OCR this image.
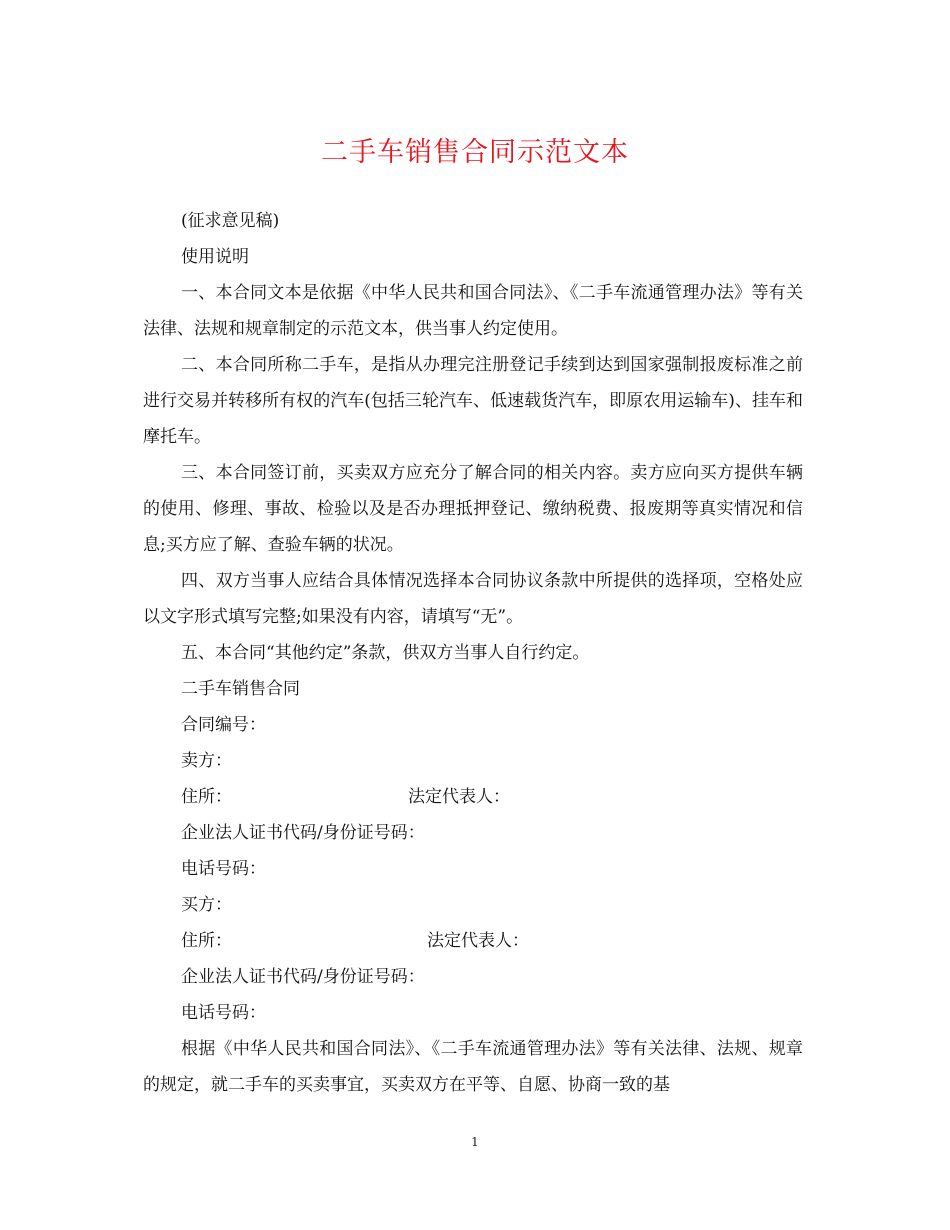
二手车销售合同示范文本

(征求意见稿)

使用说明

一、本合同文本是依据《中华人民共和国合同法》、《二手车流通管理办法》等有关法律、法规和规章制定的示范文本，供当事人约定使用。

二、本合同所称二手车，是指从办理完注册登记手续到达到国家强制报废标准之前进行交易并转移所有权的汽车(包括三轮汽车、低速载货汽车，即原农用运输车)、挂车和摩托车。

三、本合同签订前，买卖双方应充分了解合同的相关内容。卖方应向买方提供车辆的使用、修理、事故、检验以及是否办理抵押登记、缴纳税费、报废期等真实情况和信息;买方应了解、查验车辆的状况。

四、双方当事人应结合具体情况选择本合同协议条款中所提供的选择项，空格处应以文字形式填写完整;如果没有内容，请填写“无”。

五、本合同“其他约定”条款，供双方当事人自行约定。

二手车销售合同

合同编号：

卖方：

住所：	法定代表人：

企业法人证书代码/身份证号码：

电话号码：

买方：

住所：	法定代表人：

企业法人证书代码/身份证号码：

电话号码：

根据《中华人民共和国合同法》、《二手车流通管理办法》等有关法律、法规、规章的规定，就二手车的买卖事宜，买卖双方在平等、自愿、协商一致的基

1
